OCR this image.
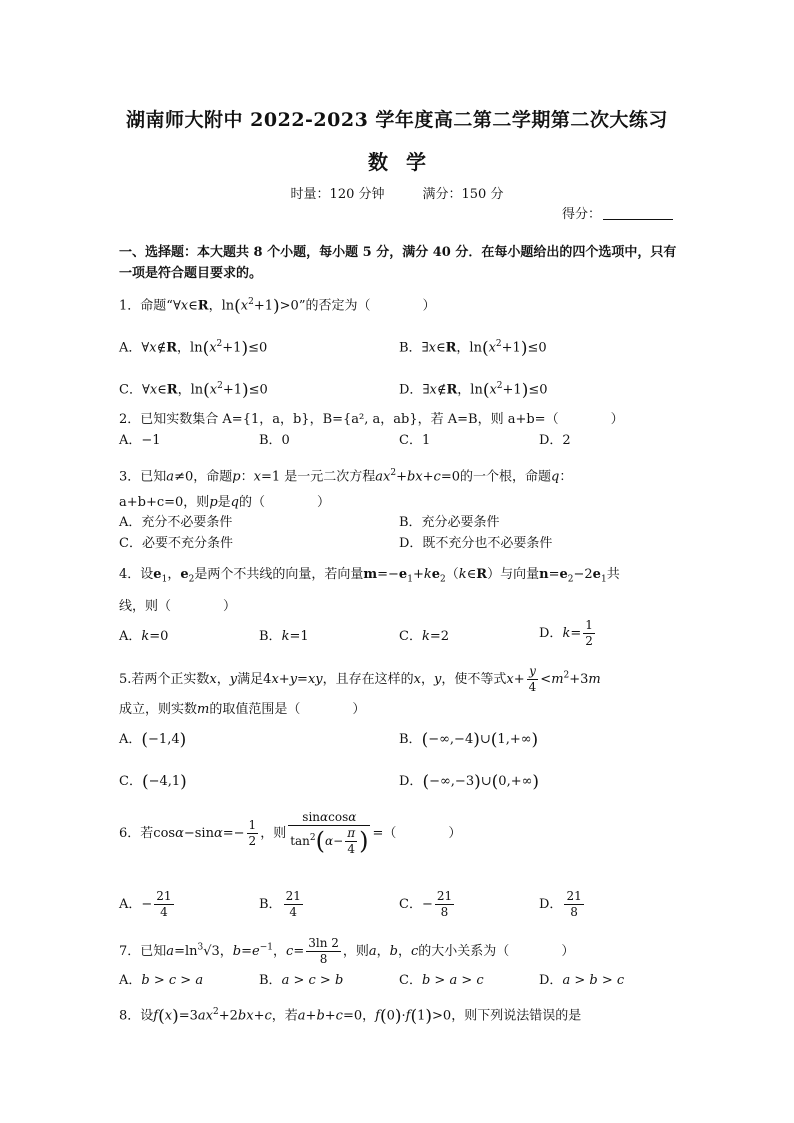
湖南师大附中 2022-2023 学年度高二第二学期第二次大练习
数学
时量：120 分钟	满分：150 分
得分：
一、选择题：本大题共 8 个小题，每小题 5 分，满分 40 分．在每小题给出的四个选项中，只有一项是符合题目要求的。
1．命题“∀x∈R，$\ln(x^2+1)>0$”的否定为（	）
A．∀x∉R，$\ln(x^2+1)\le 0$	B．∃x∈R，$\ln(x^2+1)\le 0$
C．∀x∈R，$\ln(x^2+1)\le 0$	D．∃x∉R，$\ln(x^2+1)\le 0$
2．已知实数集合 A={1，a，b}，B={a², a，ab}，若 A=B，则 a+b=（	）
A．−1	B．0	C．1	D．2
3．已知a≠0，命题p：x=1 是一元二次方程$ax^2+bx+c=0$的一个根，命题q：
a+b+c=0，则p是q的（	）
A．充分不必要条件	B．充分必要条件
C．必要不充分条件	D．既不充分也不必要条件
4．设$e_1$，$e_2$是两个不共线的向量，若向量$m=-e_1+ke_2(k\in R)$与向量$n=e_2-2e_1$共
线，则（	）
A．k=0	B．k=1	C．k=2	D．$k= \frac{1}{2}$
5.若两个正实数x，y满足4x+y=xy，且存在这样的x，y，使不等式$x+ \frac{y}{4} <m^2+3m$
成立，则实数m的取值范围是（	）
A．(−1,4)	B．(−∞,−4)∪(1,+∞)
C．(−4,1)	D．(−∞,−3)∪(0,+∞)
6．若$\cos\alpha-\sin\alpha=- \frac{1}{2}$ ，则 $\frac{\sin\alpha\cos\alpha}{\tan^2(\alpha- \frac{\pi}{4} )}$ =（	）
A．− $\frac{21}{4}$	B． $\frac{21}{4}$	C．− $\frac{21}{8}$	D． $\frac{21}{8}$
7．已知$a=\ln^3√3$，$b=e^{-1}$，$c= \frac{3\ln 2}{8}$ ，则a，b，c的大小关系为（	）
A．b > c > a	B．a > c > b	C．b > a > c	D．a > b > c
8．设$f(x)=3ax^2+2bx+c$，若a+b+c=0，f(0)·f(1)>0，则下列说法错误的是
